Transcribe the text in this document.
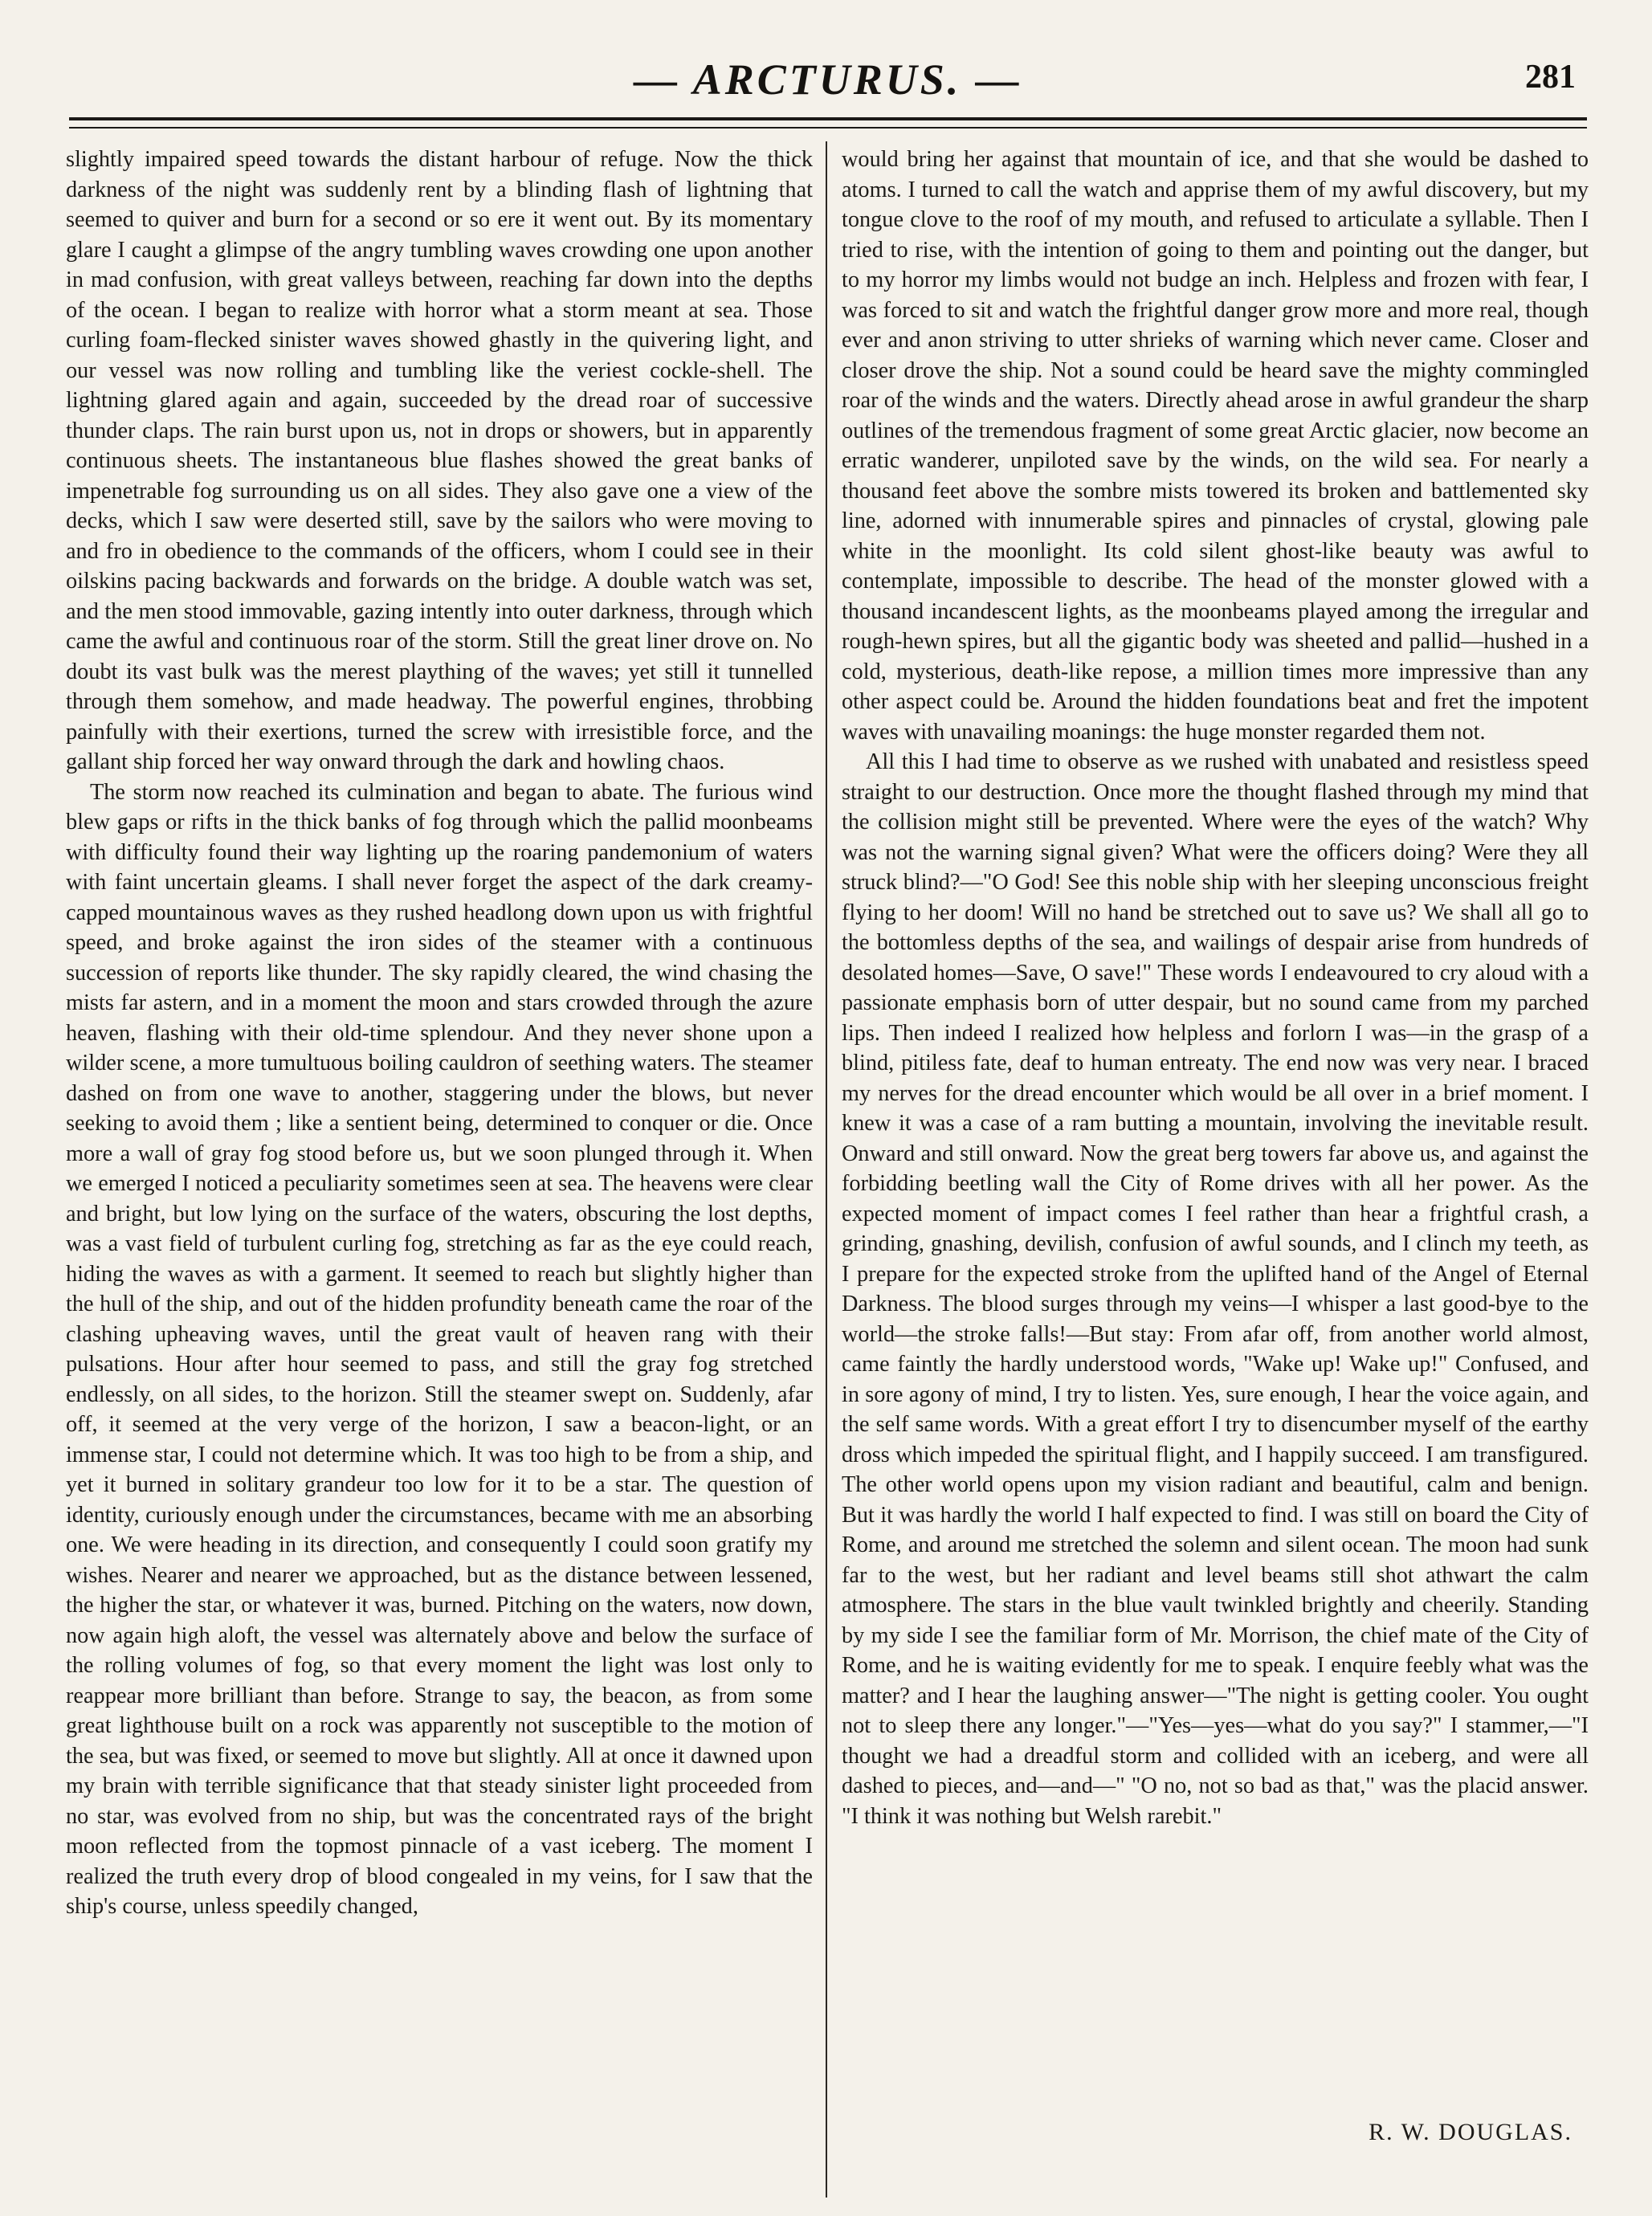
— ARCTURUS. —	281

slightly impaired speed towards the distant harbour of refuge. Now the thick darkness of the night was suddenly rent by a blinding flash of lightning that seemed to quiver and burn for a second or so ere it went out. By its momentary glare I caught a glimpse of the angry tumbling waves crowding one upon another in mad confusion, with great valleys between, reaching far down into the depths of the ocean. I began to realize with horror what a storm meant at sea. Those curling foam-flecked sinister waves showed ghastly in the quivering light, and our vessel was now rolling and tumbling like the veriest cockle-shell. The lightning glared again and again, succeeded by the dread roar of successive thunder claps. The rain burst upon us, not in drops or showers, but in apparently continuous sheets. The instantaneous blue flashes showed the great banks of impenetrable fog surrounding us on all sides. They also gave one a view of the decks, which I saw were deserted still, save by the sailors who were moving to and fro in obedience to the commands of the officers, whom I could see in their oilskins pacing backwards and forwards on the bridge. A double watch was set, and the men stood immovable, gazing intently into outer darkness, through which came the awful and continuous roar of the storm. Still the great liner drove on. No doubt its vast bulk was the merest plaything of the waves; yet still it tunnelled through them somehow, and made headway. The powerful engines, throbbing painfully with their exertions, turned the screw with irresistible force, and the gallant ship forced her way onward through the dark and howling chaos.

The storm now reached its culmination and began to abate. The furious wind blew gaps or rifts in the thick banks of fog through which the pallid moonbeams with difficulty found their way lighting up the roaring pandemonium of waters with faint uncertain gleams. I shall never forget the aspect of the dark creamy-capped mountainous waves as they rushed headlong down upon us with frightful speed, and broke against the iron sides of the steamer with a continuous succession of reports like thunder. The sky rapidly cleared, the wind chasing the mists far astern, and in a moment the moon and stars crowded through the azure heaven, flashing with their old-time splendour. And they never shone upon a wilder scene, a more tumultuous boiling cauldron of seething waters. The steamer dashed on from one wave to another, staggering under the blows, but never seeking to avoid them ; like a sentient being, determined to conquer or die. Once more a wall of gray fog stood before us, but we soon plunged through it. When we emerged I noticed a peculiarity sometimes seen at sea. The heavens were clear and bright, but low lying on the surface of the waters, obscuring the lost depths, was a vast field of turbulent curling fog, stretching as far as the eye could reach, hiding the waves as with a garment. It seemed to reach but slightly higher than the hull of the ship, and out of the hidden profundity beneath came the roar of the clashing upheaving waves, until the great vault of heaven rang with their pulsations. Hour after hour seemed to pass, and still the gray fog stretched endlessly, on all sides, to the horizon. Still the steamer swept on. Suddenly, afar off, it seemed at the very verge of the horizon, I saw a beacon-light, or an immense star, I could not determine which. It was too high to be from a ship, and yet it burned in solitary grandeur too low for it to be a star. The question of identity, curiously enough under the circumstances, became with me an absorbing one. We were heading in its direction, and consequently I could soon gratify my wishes. Nearer and nearer we approached, but as the distance between lessened, the higher the star, or whatever it was, burned. Pitching on the waters, now down, now again high aloft, the vessel was alternately above and below the surface of the rolling volumes of fog, so that every moment the light was lost only to reappear more brilliant than before. Strange to say, the beacon, as from some great lighthouse built on a rock was apparently not susceptible to the motion of the sea, but was fixed, or seemed to move but slightly. All at once it dawned upon my brain with terrible significance that that steady sinister light proceeded from no star, was evolved from no ship, but was the concentrated rays of the bright moon reflected from the topmost pinnacle of a vast iceberg. The moment I realized the truth every drop of blood congealed in my veins, for I saw that the ship's course, unless speedily changed,

would bring her against that mountain of ice, and that she would be dashed to atoms. I turned to call the watch and apprise them of my awful discovery, but my tongue clove to the roof of my mouth, and refused to articulate a syllable. Then I tried to rise, with the intention of going to them and pointing out the danger, but to my horror my limbs would not budge an inch. Helpless and frozen with fear, I was forced to sit and watch the frightful danger grow more and more real, though ever and anon striving to utter shrieks of warning which never came. Closer and closer drove the ship. Not a sound could be heard save the mighty commingled roar of the winds and the waters. Directly ahead arose in awful grandeur the sharp outlines of the tremendous fragment of some great Arctic glacier, now become an erratic wanderer, unpiloted save by the winds, on the wild sea. For nearly a thousand feet above the sombre mists towered its broken and battlemented sky line, adorned with innumerable spires and pinnacles of crystal, glowing pale white in the moonlight. Its cold silent ghost-like beauty was awful to contemplate, impossible to describe. The head of the monster glowed with a thousand incandescent lights, as the moonbeams played among the irregular and rough-hewn spires, but all the gigantic body was sheeted and pallid—hushed in a cold, mysterious, death-like repose, a million times more impressive than any other aspect could be. Around the hidden foundations beat and fret the impotent waves with unavailing moanings: the huge monster regarded them not.

All this I had time to observe as we rushed with unabated and resistless speed straight to our destruction. Once more the thought flashed through my mind that the collision might still be prevented. Where were the eyes of the watch? Why was not the warning signal given? What were the officers doing? Were they all struck blind?—"O God! See this noble ship with her sleeping unconscious freight flying to her doom! Will no hand be stretched out to save us? We shall all go to the bottomless depths of the sea, and wailings of despair arise from hundreds of desolated homes—Save, O save!" These words I endeavoured to cry aloud with a passionate emphasis born of utter despair, but no sound came from my parched lips. Then indeed I realized how helpless and forlorn I was—in the grasp of a blind, pitiless fate, deaf to human entreaty. The end now was very near. I braced my nerves for the dread encounter which would be all over in a brief moment. I knew it was a case of a ram butting a mountain, involving the inevitable result. Onward and still onward. Now the great berg towers far above us, and against the forbidding beetling wall the City of Rome drives with all her power. As the expected moment of impact comes I feel rather than hear a frightful crash, a grinding, gnashing, devilish, confusion of awful sounds, and I clinch my teeth, as I prepare for the expected stroke from the uplifted hand of the Angel of Eternal Darkness. The blood surges through my veins—I whisper a last good-bye to the world—the stroke falls!—But stay: From afar off, from another world almost, came faintly the hardly understood words, "Wake up! Wake up!" Confused, and in sore agony of mind, I try to listen. Yes, sure enough, I hear the voice again, and the self same words. With a great effort I try to disencumber myself of the earthy dross which impeded the spiritual flight, and I happily succeed. I am transfigured. The other world opens upon my vision radiant and beautiful, calm and benign. But it was hardly the world I half expected to find. I was still on board the City of Rome, and around me stretched the solemn and silent ocean. The moon had sunk far to the west, but her radiant and level beams still shot athwart the calm atmosphere. The stars in the blue vault twinkled brightly and cheerily. Standing by my side I see the familiar form of Mr. Morrison, the chief mate of the City of Rome, and he is waiting evidently for me to speak. I enquire feebly what was the matter? and I hear the laughing answer—"The night is getting cooler. You ought not to sleep there any longer."—"Yes—yes—what do you say?" I stammer,—"I thought we had a dreadful storm and collided with an iceberg, and were all dashed to pieces, and—and—" "O no, not so bad as that," was the placid answer. "I think it was nothing but Welsh rarebit."

R. W. DOUGLAS.
